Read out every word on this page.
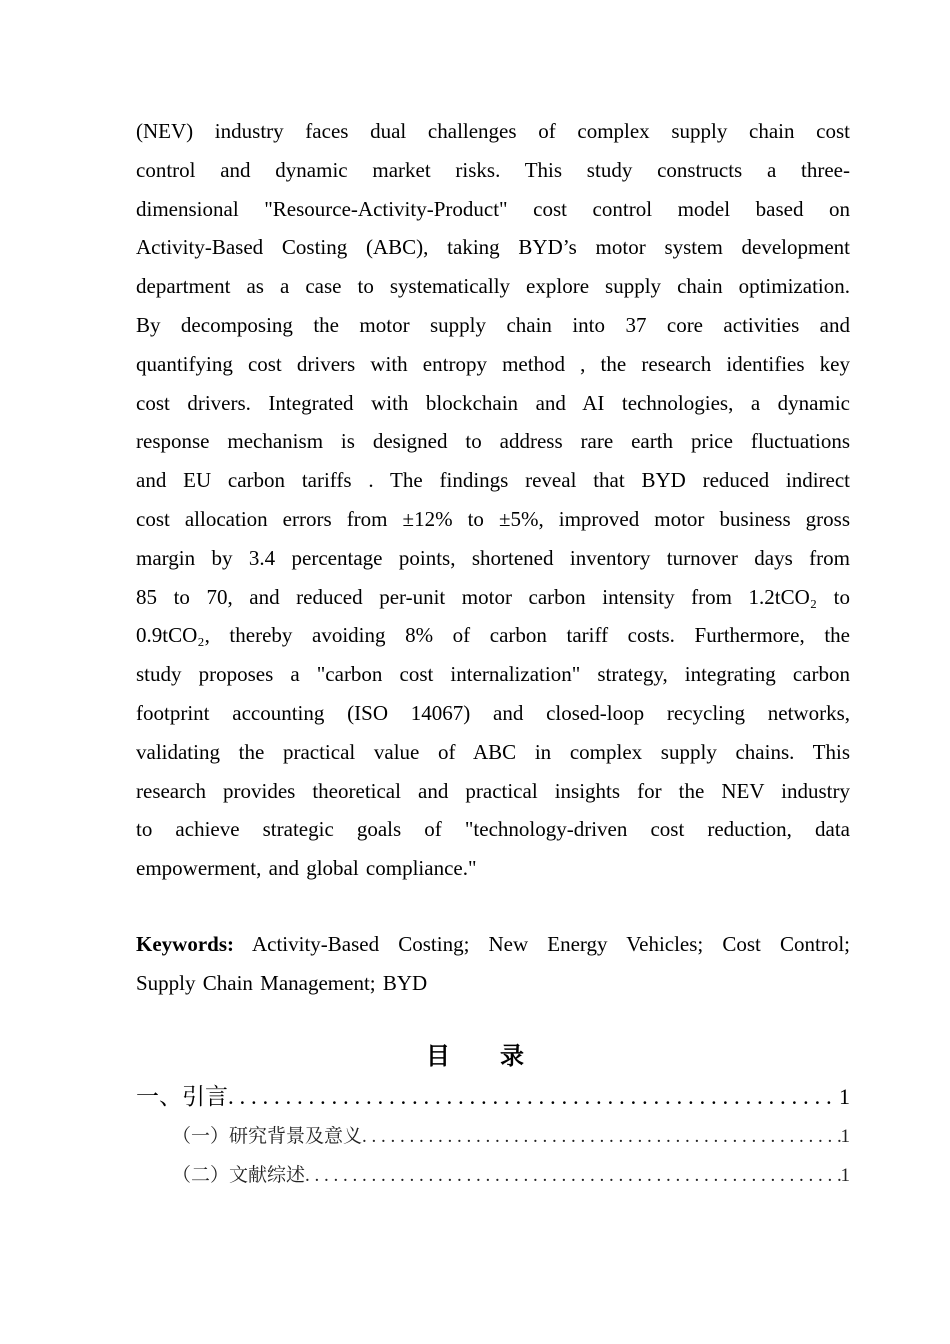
(NEV) industry faces dual challenges of complex supply chain cost
control and dynamic market risks. This study constructs a three-
dimensional "Resource-Activity-Product" cost control model based on
Activity-Based Costing (ABC), taking BYD’s motor system development
department as a case to systematically explore supply chain optimization.
By decomposing the motor supply chain into 37 core activities and
quantifying cost drivers with entropy method , the research identifies key
cost drivers. Integrated with blockchain and AI technologies, a dynamic
response mechanism is designed to address rare earth price fluctuations
and EU carbon tariffs . The findings reveal that BYD reduced indirect
cost allocation errors from ±12% to ±5%, improved motor business gross
margin by 3.4 percentage points, shortened inventory turnover days from
85 to 70, and reduced per-unit motor carbon intensity from 1.2tCO₂ to
0.9tCO₂, thereby avoiding 8% of carbon tariff costs. Furthermore, the
study proposes a "carbon cost internalization" strategy, integrating carbon
footprint accounting (ISO 14067) and closed-loop recycling networks,
validating the practical value of ABC in complex supply chains. This
research provides theoretical and practical insights for the NEV industry
to achieve strategic goals of "technology-driven cost reduction, data
empowerment, and global compliance."
Keywords: Activity-Based Costing; New Energy Vehicles; Cost Control;
Supply Chain Management; BYD
目 录
一、引言 . . .	1
（一）研究背景及意义 . . .	1
（二）文献综述 . . .	1
